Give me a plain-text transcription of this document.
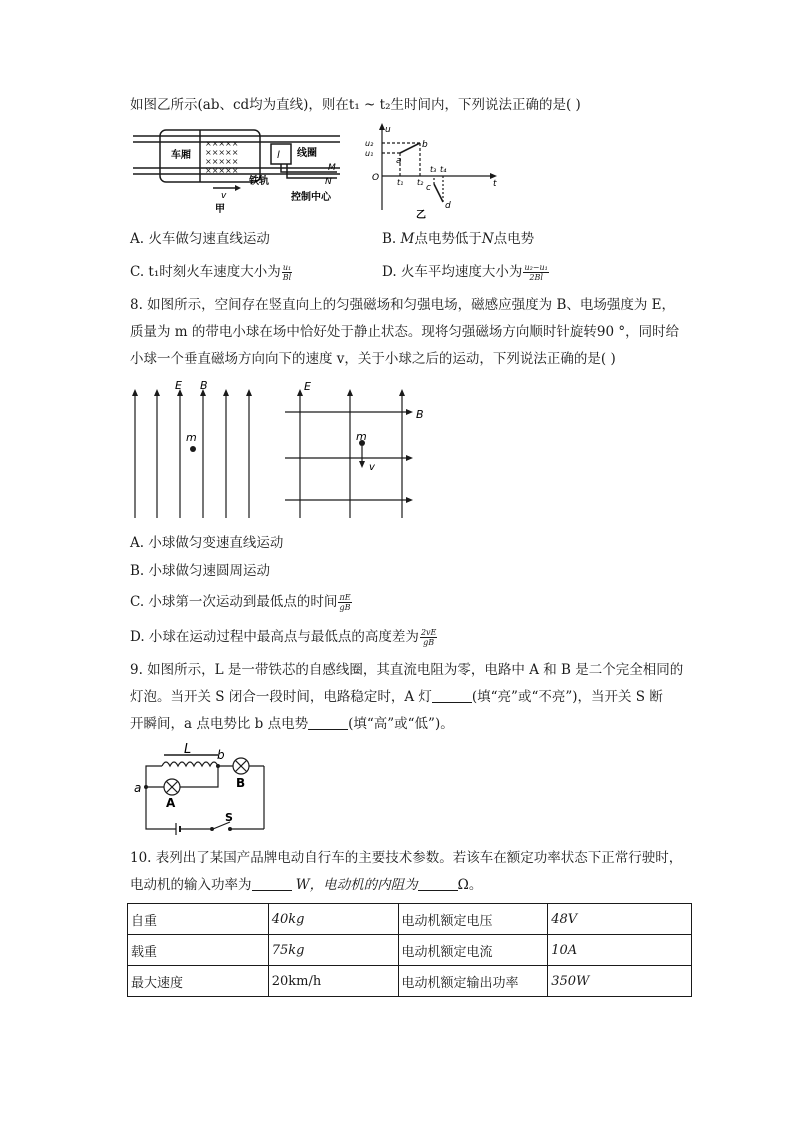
如图乙所示(ab、cd均为直线)，则在t₁ ~ t₂生时间内，下列说法正确的是( )
×××
×××
×××
×××
××
××
××
××
车厢	l 线圈
铁轨
M
N
控制中心
v
甲
u
t
O
u₂
u₁
t₁ t₂
t₃ t₄
a
b
c
d
乙
A. 火车做匀速直线运动	B. M点电势低于N点电势
C. t₁时刻火车速度大小为 $\frac{\text{u₁}}{Bl}$	D. 火车平均速度大小为 $\frac{\text{u₂−u₁}}{2Bl}$
8. 如图所示，空间存在竖直向上的匀强磁场和匀强电场，磁感应强度为 B、电场强度为 E，
质量为 m 的带电小球在场中恰好处于静止状态。现将匀强磁场方向顺时针旋转90 °，同时给
小球一个垂直磁场方向向下的速度 v，关于小球之后的运动，下列说法正确的是( )
E B
m
E
B
m
v
A. 小球做匀变速直线运动
B. 小球做匀速圆周运动
C. 小球第一次运动到最低点的时间 $\frac{\pi E}{gB}$
D. 小球在运动过程中最高点与最低点的高度差为 $\frac{2vE}{gB}$
9. 如图所示，L 是一带铁芯的自感线圈，其直流电阻为零，电路中 A 和 B 是二个完全相同的
灯泡。当开关 S 闭合一段时间，电路稳定时，A 灯	(填“亮”或“不亮”)，当开关 S 断
开瞬间，a 点电势比 b 点电势	(填“高”或“低”)。
L b
a
A
B
S
10. 表列出了某国产品牌电动自行车的主要技术参数。若该车在额定功率状态下正常行驶时，
电动机的输入功率为	W，电动机的内阻为	Ω。
自重	40kg	电动机额定电压	48V
载重	75kg	电动机额定电流	10A
最大速度	20km/h	电动机额定输出功率	350W
